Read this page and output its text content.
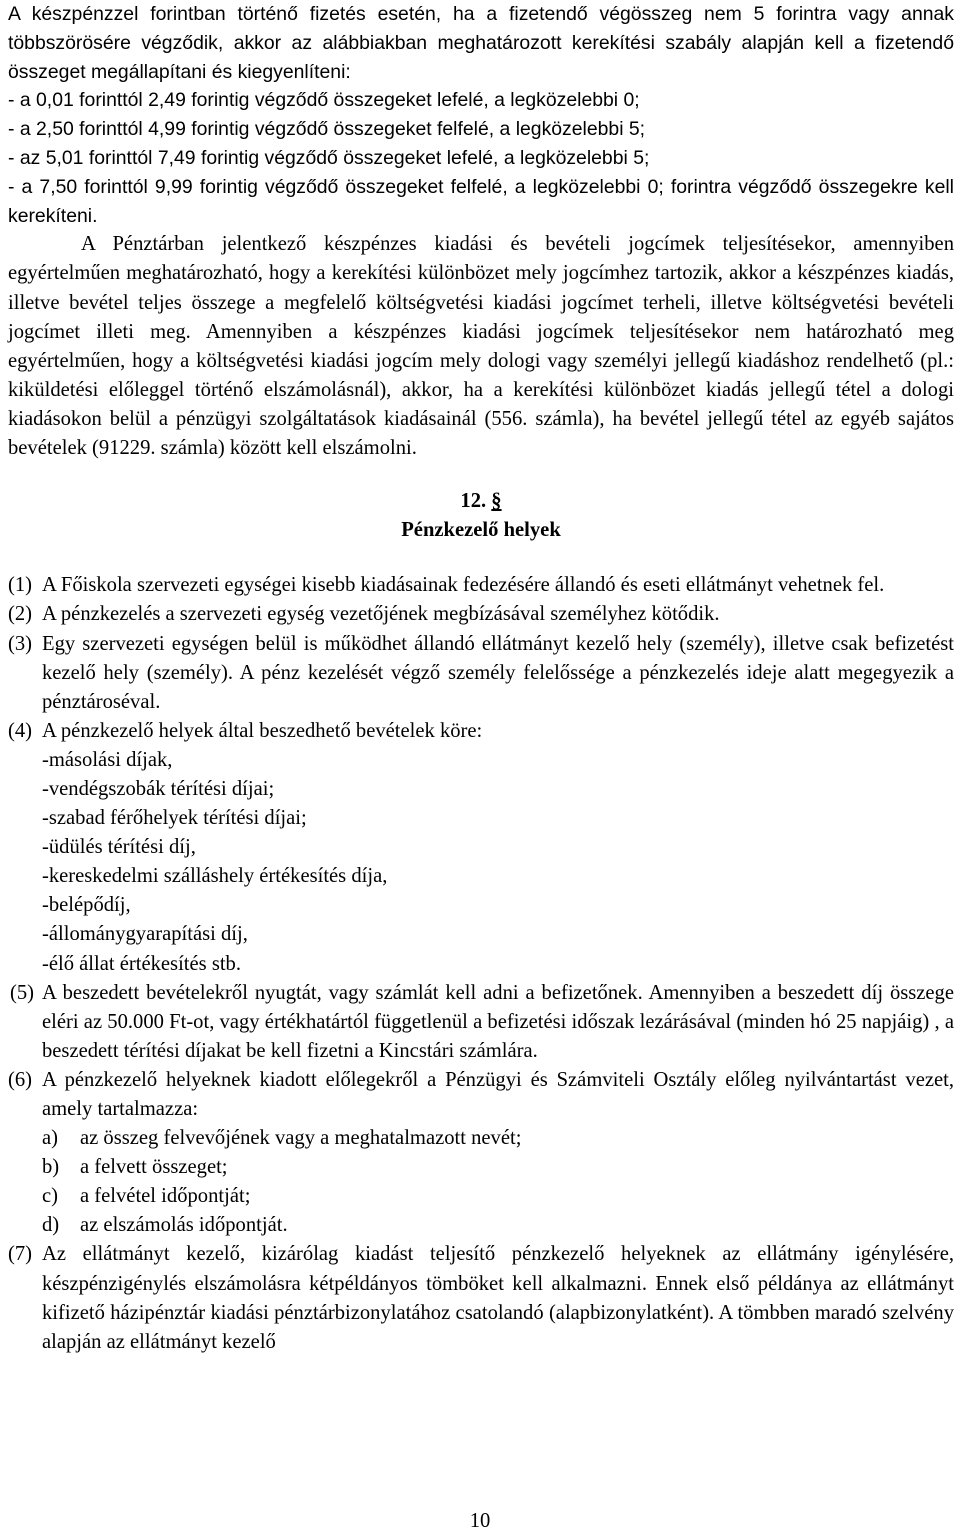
A készpénzzel forintban történő fizetés esetén, ha a fizetendő végösszeg nem 5 forintra vagy annak többszörösére végződik, akkor az alábbiakban meghatározott kerekítési szabály alapján kell a fizetendő összeget megállapítani és kiegyenlíteni:
- a 0,01 forinttól 2,49 forintig végződő összegeket lefelé, a legközelebbi 0;
- a 2,50 forinttól 4,99 forintig végződő összegeket felfelé, a legközelebbi 5;
- az 5,01 forinttól 7,49 forintig végződő összegeket lefelé, a legközelebbi 5;
- a 7,50 forinttól 9,99 forintig végződő összegeket felfelé, a legközelebbi 0; forintra végződő összegekre kell kerekíteni.

A Pénztárban jelentkező készpénzes kiadási és bevételi jogcímek teljesítésekor, amennyiben egyértelműen meghatározható, hogy a kerekítési különbözet mely jogcímhez tartozik, akkor a készpénzes kiadás, illetve bevétel teljes összege a megfelelő költségvetési kiadási jogcímet terheli, illetve költségvetési bevételi jogcímet illeti meg. Amennyiben a készpénzes kiadási jogcímek teljesítésekor nem határozható meg egyértelműen, hogy a költségvetési kiadási jogcím mely dologi vagy személyi jellegű kiadáshoz rendelhető (pl.: kiküldetési előleggel történő elszámolásnál), akkor, ha a kerekítési különbözet kiadás jellegű tétel a dologi kiadásokon belül a pénzügyi szolgáltatások kiadásainál (556. számla), ha bevétel jellegű tétel az egyéb sajátos bevételek (91229. számla) között kell elszámolni.

12. §

Pénzkezelő helyek

(1) A Főiskola szervezeti egységei kisebb kiadásainak fedezésére állandó és eseti ellátmányt vehetnek fel.

(2) A pénzkezelés a szervezeti egység vezetőjének megbízásával személyhez kötődik.

(3) Egy szervezeti egységen belül is működhet állandó ellátmányt kezelő hely (személy), illetve csak befizetést kezelő hely (személy). A pénz kezelését végző személy felelőssége a pénzkezelés ideje alatt megegyezik a pénztároséval.

(4) A pénzkezelő helyek által beszedhető bevételek köre:

-másolási díjak,

-vendégszobák térítési díjai;

-szabad férőhelyek térítési díjai;

-üdülés térítési díj,

-kereskedelmi szálláshely értékesítés díja,

-belépődíj,

-állománygyarapítási díj,

-élő állat értékesítés stb.

(5) A beszedett bevételekről nyugtát, vagy számlát kell adni a befizetőnek. Amennyiben a beszedett díj összege eléri az 50.000 Ft-ot, vagy értékhatártól függetlenül a befizetési időszak lezárásával (minden hó 25 napjáig) , a beszedett térítési díjakat be kell fizetni a Kincstári számlára.

(6) A pénzkezelő helyeknek kiadott előlegekről a Pénzügyi és Számviteli Osztály előleg nyilvántartást vezet, amely tartalmazza:

a) az összeg felvevőjének vagy a meghatalmazott nevét;

b) a felvett összeget;

c) a felvétel időpontját;

d) az elszámolás időpontját.

(7) Az ellátmányt kezelő, kizárólag kiadást teljesítő pénzkezelő helyeknek az ellátmány igénylésére, készpénzigénylés elszámolásra kétpéldányos tömböket kell alkalmazni. Ennek első példánya az ellátmányt kifizető házipénztár kiadási pénztárbizonylatához csatolandó (alapbizonylatként). A tömbben maradó szelvény alapján az ellátmányt kezelő

10
